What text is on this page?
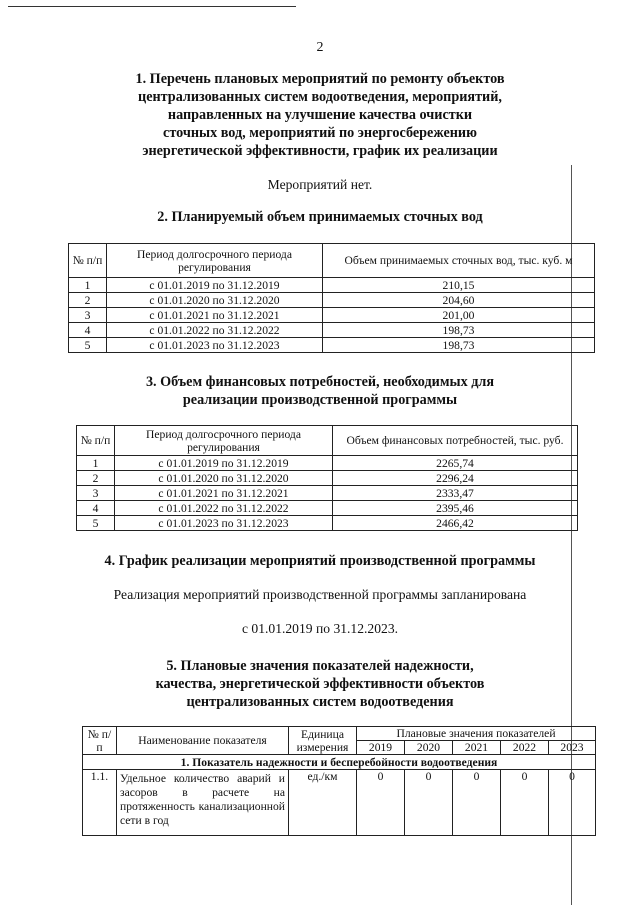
2
1. Перечень плановых мероприятий по ремонту объектов
централизованных систем водоотведения, мероприятий,
направленных на улучшение качества очистки
сточных вод, мероприятий по энергосбережению
энергетической эффективности, график их реализации
Мероприятий нет.
2. Планируемый объем принимаемых сточных вод
№ п/п	Период долгосрочного периода регулирования	Объем принимаемых сточных вод, тыс. куб. м
1	с 01.01.2019 по 31.12.2019	210,15
2	с 01.01.2020 по 31.12.2020	204,60
3	с 01.01.2021 по 31.12.2021	201,00
4	с 01.01.2022 по 31.12.2022	198,73
5	с 01.01.2023 по 31.12.2023	198,73
3. Объем финансовых потребностей, необходимых для
реализации производственной программы
№ п/п	Период долгосрочного периода регулирования	Объем финансовых потребностей, тыс. руб.
1	с 01.01.2019 по 31.12.2019	2265,74
2	с 01.01.2020 по 31.12.2020	2296,24
3	с 01.01.2021 по 31.12.2021	2333,47
4	с 01.01.2022 по 31.12.2022	2395,46
5	с 01.01.2023 по 31.12.2023	2466,42
4. График реализации мероприятий производственной программы
Реализация мероприятий производственной программы запланирована
с 01.01.2019 по 31.12.2023.
5. Плановые значения показателей надежности,
качества, энергетической эффективности объектов
централизованных систем водоотведения
№ п/п	Наименование показателя	Единица измерения	Плановые значения показателей				
			2019	2020	2021	2022	2023
1. Показатель надежности и бесперебойности водоотведения							
1.1.	Удельное количество аварий и засоров в расчете на протяженность канализационной сети в год	ед./км	0	0	0	0	0
